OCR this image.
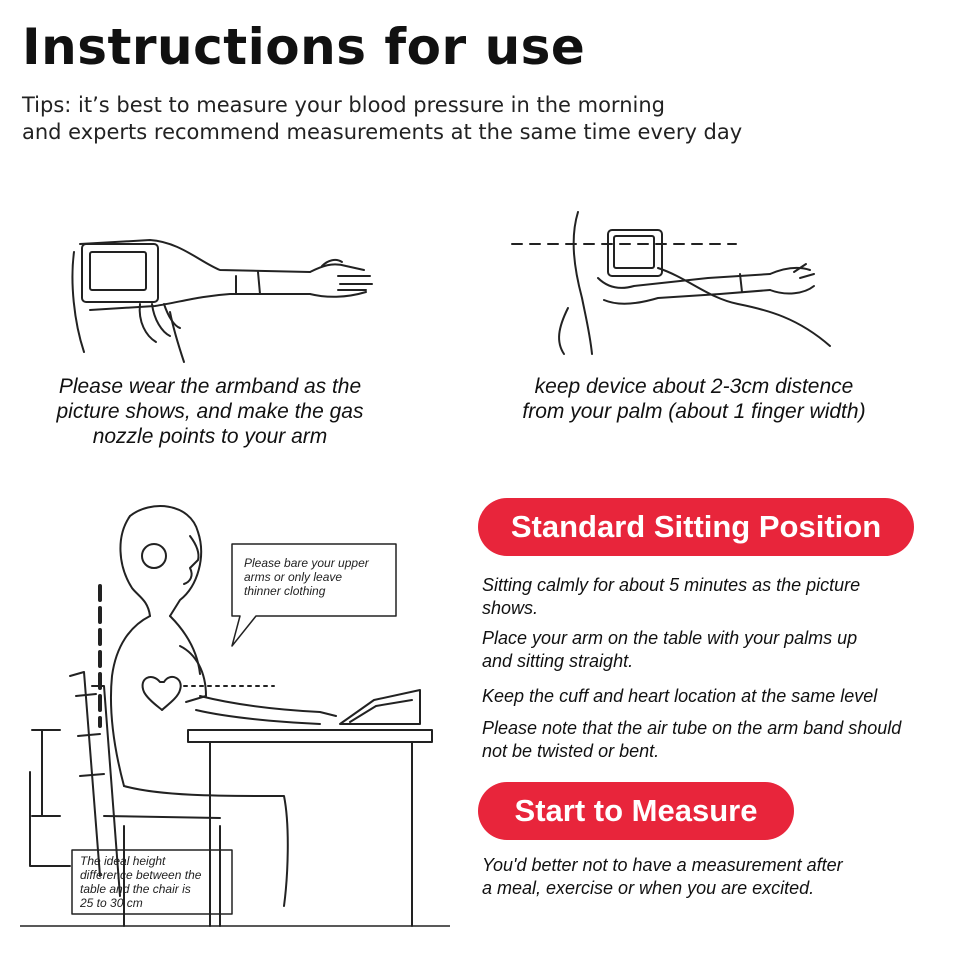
Instructions for use
Tips: it’s best to measure your blood pressure in the morning
and experts recommend measurements at the same time every day
Please wear the armband as the
picture shows, and make the gas
nozzle points to your arm
keep device about 2-3cm distence
from your palm (about 1 finger width)
Please bare your upper
arms or only leave
thinner clothing
The ideal height
difference between the
table and the chair is
25 to 30 cm
Standard Sitting Position
Sitting calmly for about 5 minutes as the picture
shows.
Place your arm on the table with your palms up
and sitting straight.
Keep the cuff and heart location at the same level
Please note that the air tube on the arm band should
not be twisted or bent.
Start to Measure
You'd better not to have a measurement after
a meal, exercise or when you are excited.
